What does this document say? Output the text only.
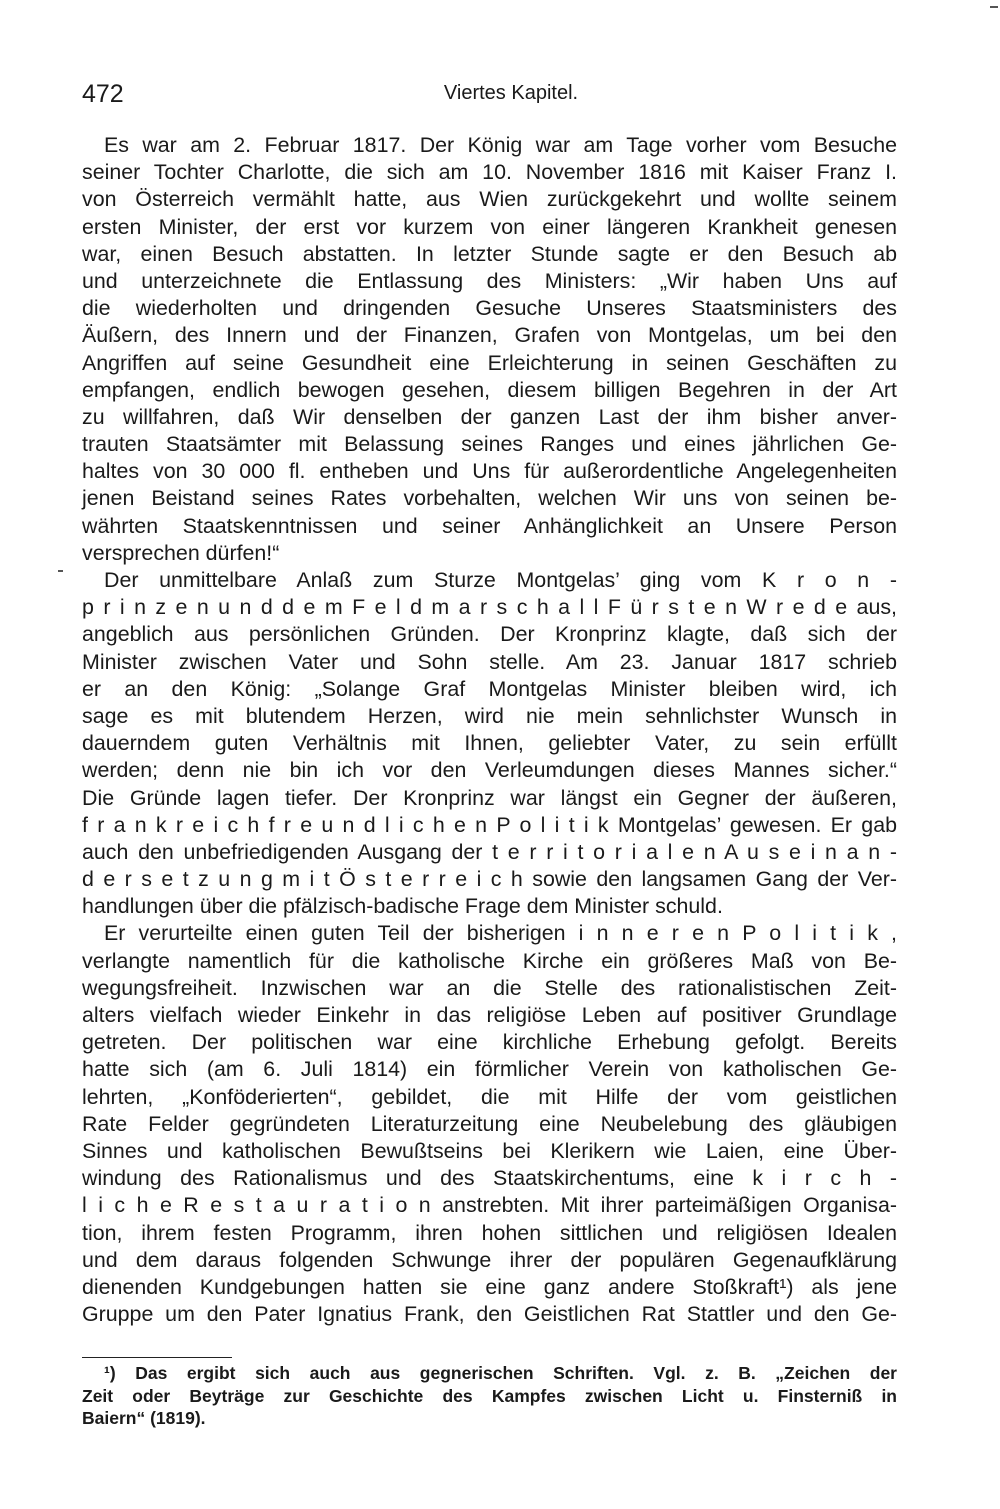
472	Viertes Kapitel.
Es war am 2. Februar 1817. Der König war am Tage vorher vom Besuche
seiner Tochter Charlotte, die sich am 10. November 1816 mit Kaiser Franz I.
von Österreich vermählt hatte, aus Wien zurückgekehrt und wollte seinem
ersten Minister, der erst vor kurzem von einer längeren Krankheit genesen
war, einen Besuch abstatten. In letzter Stunde sagte er den Besuch ab
und unterzeichnete die Entlassung des Ministers: „Wir haben Uns auf
die wiederholten und dringenden Gesuche Unseres Staatsministers des
Äußern, des Innern und der Finanzen, Grafen von Montgelas, um bei den
Angriffen auf seine Gesundheit eine Erleichterung in seinen Geschäften zu
empfangen, endlich bewogen gesehen, diesem billigen Begehren in der Art
zu willfahren, daß Wir denselben der ganzen Last der ihm bisher anver-
trauten Staatsämter mit Belassung seines Ranges und eines jährlichen Ge-
haltes von 30 000 fl. entheben und Uns für außerordentliche Angelegenheiten
jenen Beistand seines Rates vorbehalten, welchen Wir uns von seinen be-
währten Staatskenntnissen und seiner Anhänglichkeit an Unsere Person
versprechen dürfen!“
Der unmittelbare Anlaß zum Sturze Montgelas’ ging vom K r o n -
p r i n z e n u n d d e m F e l d m a r s c h a l l F ü r s t e n W r e d e aus,
angeblich aus persönlichen Gründen. Der Kronprinz klagte, daß sich der
Minister zwischen Vater und Sohn stelle. Am 23. Januar 1817 schrieb
er an den König: „Solange Graf Montgelas Minister bleiben wird, ich
sage es mit blutendem Herzen, wird nie mein sehnlichster Wunsch in
dauerndem guten Verhältnis mit Ihnen, geliebter Vater, zu sein erfüllt
werden; denn nie bin ich vor den Verleumdungen dieses Mannes sicher.“
Die Gründe lagen tiefer. Der Kronprinz war längst ein Gegner der äußeren,
f r a n k r e i c h f r e u n d l i c h e n P o l i t i k Montgelas’ gewesen. Er gab
auch den unbefriedigenden Ausgang der t e r r i t o r i a l e n A u s e i n a n -
d e r s e t z u n g m i t Ö s t e r r e i c h sowie den langsamen Gang der Ver-
handlungen über die pfälzisch-badische Frage dem Minister schuld.
Er verurteilte einen guten Teil der bisherigen i n n e r e n P o l i t i k ,
verlangte namentlich für die katholische Kirche ein größeres Maß von Be-
wegungsfreiheit. Inzwischen war an die Stelle des rationalistischen Zeit-
alters vielfach wieder Einkehr in das religiöse Leben auf positiver Grundlage
getreten. Der politischen war eine kirchliche Erhebung gefolgt. Bereits
hatte sich (am 6. Juli 1814) ein förmlicher Verein von katholischen Ge-
lehrten, „Konföderierten“, gebildet, die mit Hilfe der vom geistlichen
Rate Felder gegründeten Literaturzeitung eine Neubelebung des gläubigen
Sinnes und katholischen Bewußtseins bei Klerikern wie Laien, eine Über-
windung des Rationalismus und des Staatskirchentums, eine k i r c h -
l i c h e R e s t a u r a t i o n anstrebten. Mit ihrer parteimäßigen Organisa-
tion, ihrem festen Programm, ihren hohen sittlichen und religiösen Idealen
und dem daraus folgenden Schwunge ihrer der populären Gegenaufklärung
dienenden Kundgebungen hatten sie eine ganz andere Stoßkraft¹) als jene
Gruppe um den Pater Ignatius Frank, den Geistlichen Rat Stattler und den Ge-
¹) Das ergibt sich auch aus gegnerischen Schriften. Vgl. z. B. „Zeichen der
Zeit oder Beyträge zur Geschichte des Kampfes zwischen Licht u. Finsterniß in
Baiern“ (1819).
